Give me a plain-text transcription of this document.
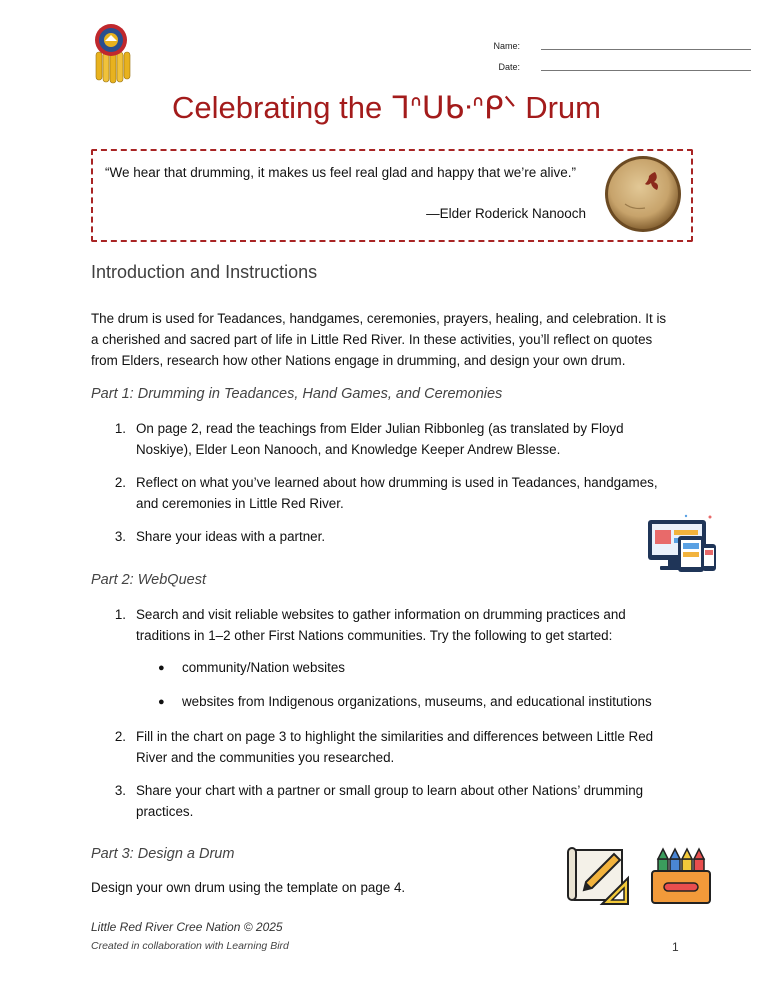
Name:
Date:
Celebrating the ᒣᐢᑌᑲᐧᐢᑭᐠ Drum
“We hear that drumming, it makes us feel real glad and happy that we’re alive.”
—Elder Roderick Nanooch
Introduction and Instructions
The drum is used for Teadances, handgames, ceremonies, prayers, healing, and celebration. It is
a cherished and sacred part of life in Little Red River. In these activities, you’ll reflect on quotes
from Elders, research how other Nations engage in drumming, and design your own drum.
Part 1: Drumming in Teadances, Hand Games, and Ceremonies
1. On page 2, read the teachings from Elder Julian Ribbonleg (as translated by Floyd
Noskiye), Elder Leon Nanooch, and Knowledge Keeper Andrew Blesse.
2. Reflect on what you’ve learned about how drumming is used in Teadances, handgames,
and ceremonies in Little Red River.
3. Share your ideas with a partner.
Part 2: WebQuest
1. Search and visit reliable websites to gather information on drumming practices and
traditions in 1–2 other First Nations communities. Try the following to get started:
● community/Nation websites
● websites from Indigenous organizations, museums, and educational institutions
2. Fill in the chart on page 3 to highlight the similarities and differences between Little Red
River and the communities you researched.
3. Share your chart with a partner or small group to learn about other Nations’ drumming
practices.
Part 3: Design a Drum
Design your own drum using the template on page 4.
Little Red River Cree Nation © 2025
Created in collaboration with Learning Bird	1
